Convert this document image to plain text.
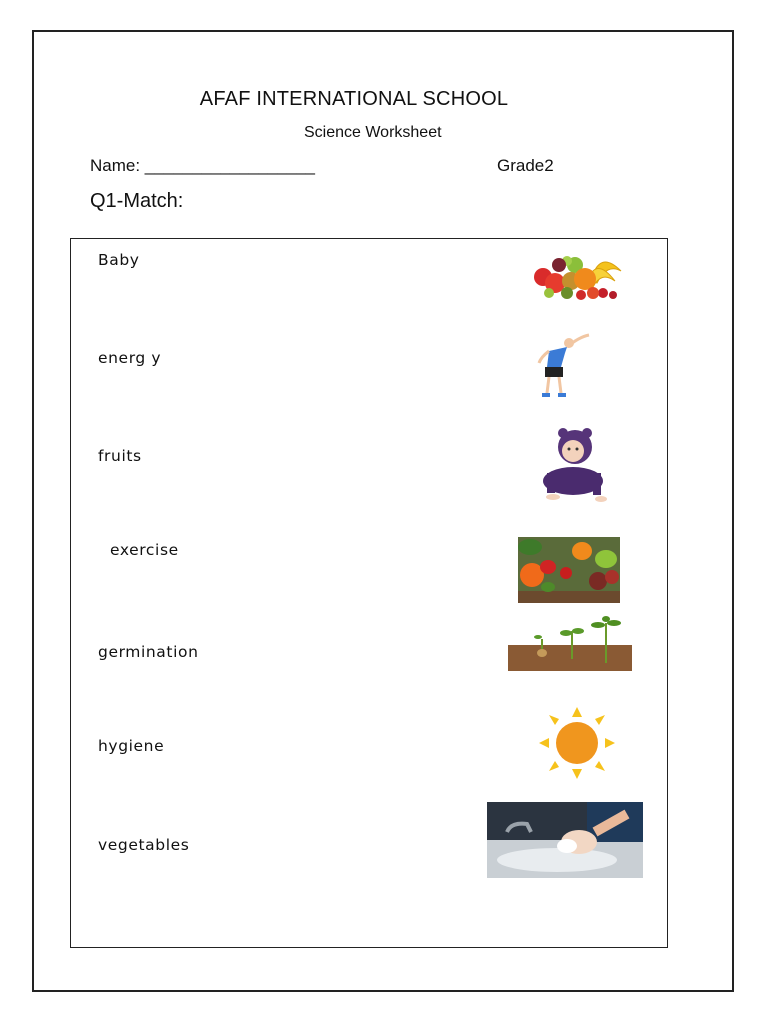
AFAF INTERNATIONAL SCHOOL
Science Worksheet
Name: __________________	Grade2
Q1-Match:
Baby
energ y
fruits
exercise
germination
hygiene
vegetables
